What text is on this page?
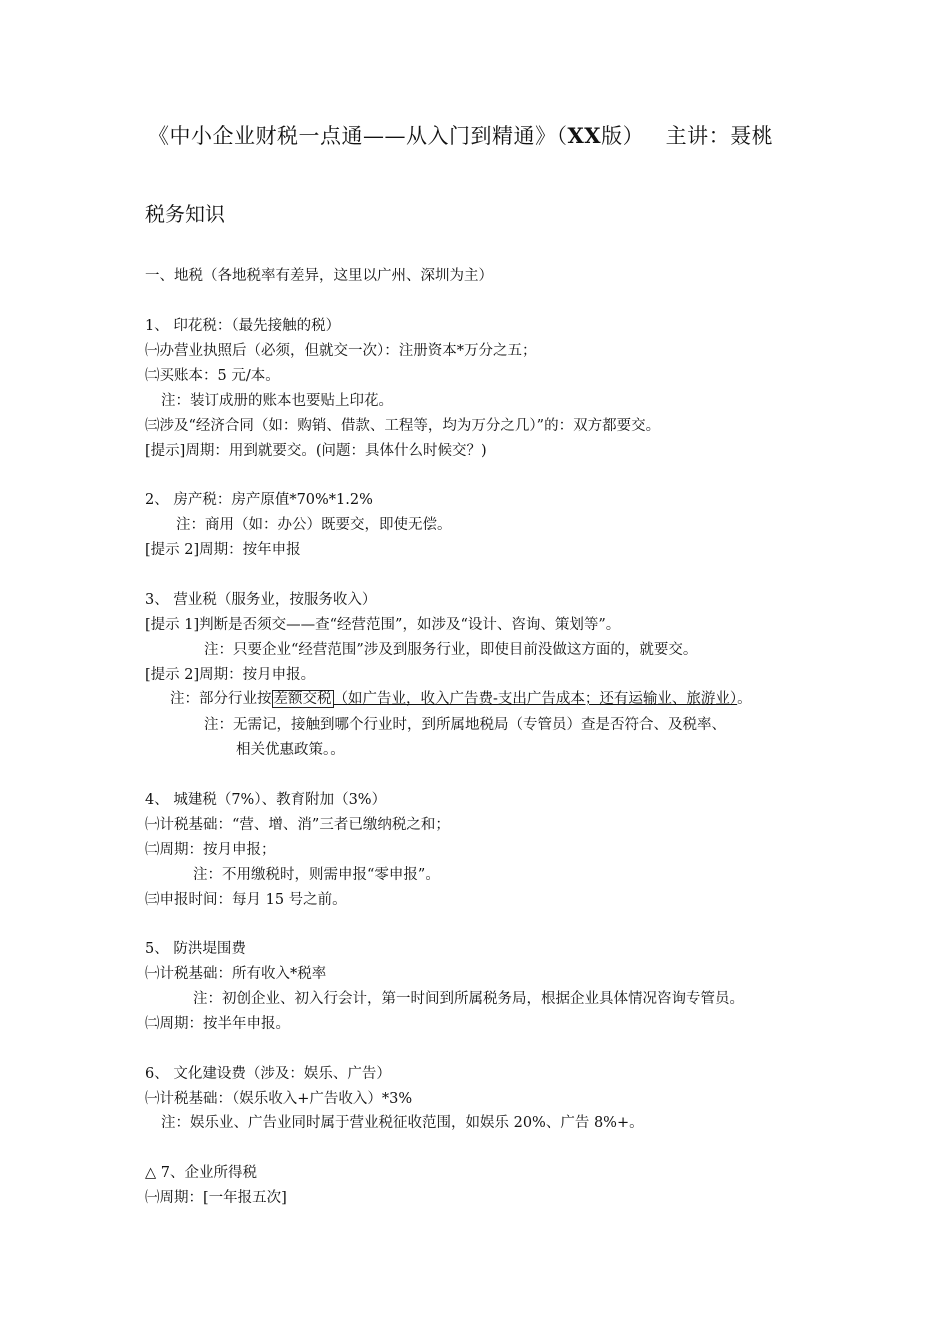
《中小企业财税一点通——从入门到精通》（XX版） 主讲：聂桃
税务知识
一、地税（各地税率有差异，这里以广州、深圳为主）
1、 印花税：（最先接触的税）
㈠办营业执照后（必须，但就交一次）：注册资本*万分之五；
㈡买账本：5 元/本。
注：装订成册的账本也要贴上印花。
㈢涉及“经济合同（如：购销、借款、工程等，均为万分之几）”的：双方都要交。
[提示]周期：用到就要交。(问题：具体什么时候交？)
2、 房产税：房产原值*70%*1.2%
注：商用（如：办公）既要交，即使无偿。
[提示 2]周期：按年申报
3、 营业税（服务业，按服务收入）
[提示 1]判断是否须交——查“经营范围”，如涉及“设计、咨询、策划等”。
注：只要企业“经营范围”涉及到服务行业，即使目前没做这方面的，就要交。
[提示 2]周期：按月申报。
注：部分行业按 差额交税 （如广告业，收入广告费-支出广告成本；还有运输业、旅游业）。
注：无需记，接触到哪个行业时，到所属地税局（专管员）查是否符合、及税率、
相关优惠政策。。
4、 城建税（7%）、教育附加（3%）
㈠计税基础：“营、增、消”三者已缴纳税之和；
㈡周期：按月申报；
注：不用缴税时，则需申报“零申报”。
㈢申报时间：每月 15 号之前。
5、 防洪堤围费
㈠计税基础：所有收入*税率
注：初创企业、初入行会计，第一时间到所属税务局，根据企业具体情况咨询专管员。
㈡周期：按半年申报。
6、 文化建设费（涉及：娱乐、广告）
㈠计税基础：（娱乐收入+广告收入）*3%
注：娱乐业、广告业同时属于营业税征收范围，如娱乐 20%、广告 8%+。
△ 7、企业所得税
㈠周期：[一年报五次]
